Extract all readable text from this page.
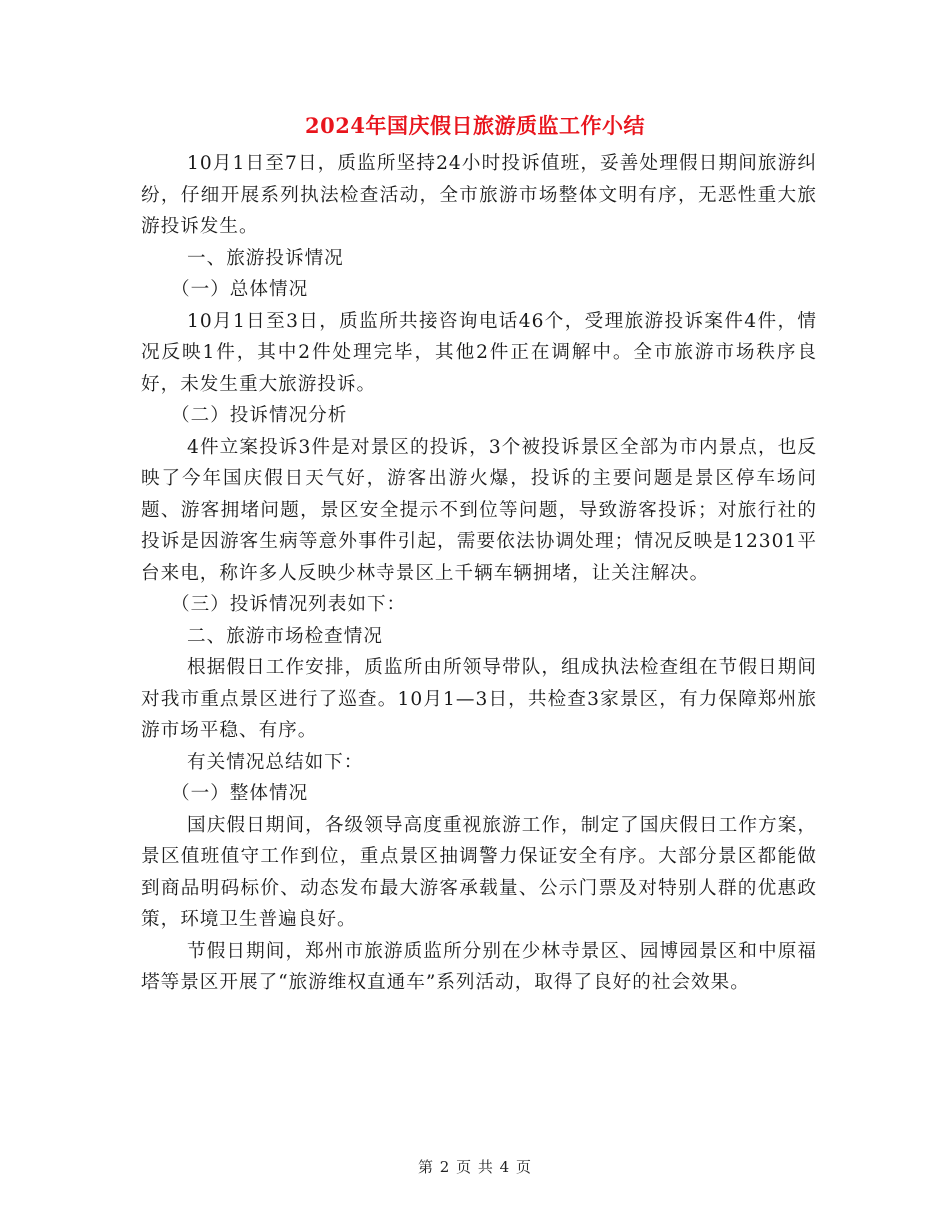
2024年国庆假日旅游质监工作小结

10月1日至7日，质监所坚持24小时投诉值班，妥善处理假日期间旅游纠纷，仔细开展系列执法检查活动，全市旅游市场整体文明有序，无恶性重大旅游投诉发生。

一、旅游投诉情况

（一）总体情况

10月1日至3日，质监所共接咨询电话46个，受理旅游投诉案件4件，情况反映1件，其中2件处理完毕，其他2件正在调解中。全市旅游市场秩序良好，未发生重大旅游投诉。

（二）投诉情况分析

4件立案投诉3件是对景区的投诉，3个被投诉景区全部为市内景点，也反映了今年国庆假日天气好，游客出游火爆，投诉的主要问题是景区停车场问题、游客拥堵问题，景区安全提示不到位等问题，导致游客投诉；对旅行社的投诉是因游客生病等意外事件引起，需要依法协调处理；情况反映是12301平台来电，称许多人反映少林寺景区上千辆车辆拥堵，让关注解决。

（三）投诉情况列表如下：

二、旅游市场检查情况

根据假日工作安排，质监所由所领导带队，组成执法检查组在节假日期间对我市重点景区进行了巡查。10月1—3日，共检查3家景区，有力保障郑州旅游市场平稳、有序。

有关情况总结如下：

（一）整体情况

国庆假日期间，各级领导高度重视旅游工作，制定了国庆假日工作方案，景区值班值守工作到位，重点景区抽调警力保证安全有序。大部分景区都能做到商品明码标价、动态发布最大游客承载量、公示门票及对特别人群的优惠政策，环境卫生普遍良好。

节假日期间，郑州市旅游质监所分别在少林寺景区、园博园景区和中原福塔等景区开展了“旅游维权直通车”系列活动，取得了良好的社会效果。

第 2 页 共 4 页
